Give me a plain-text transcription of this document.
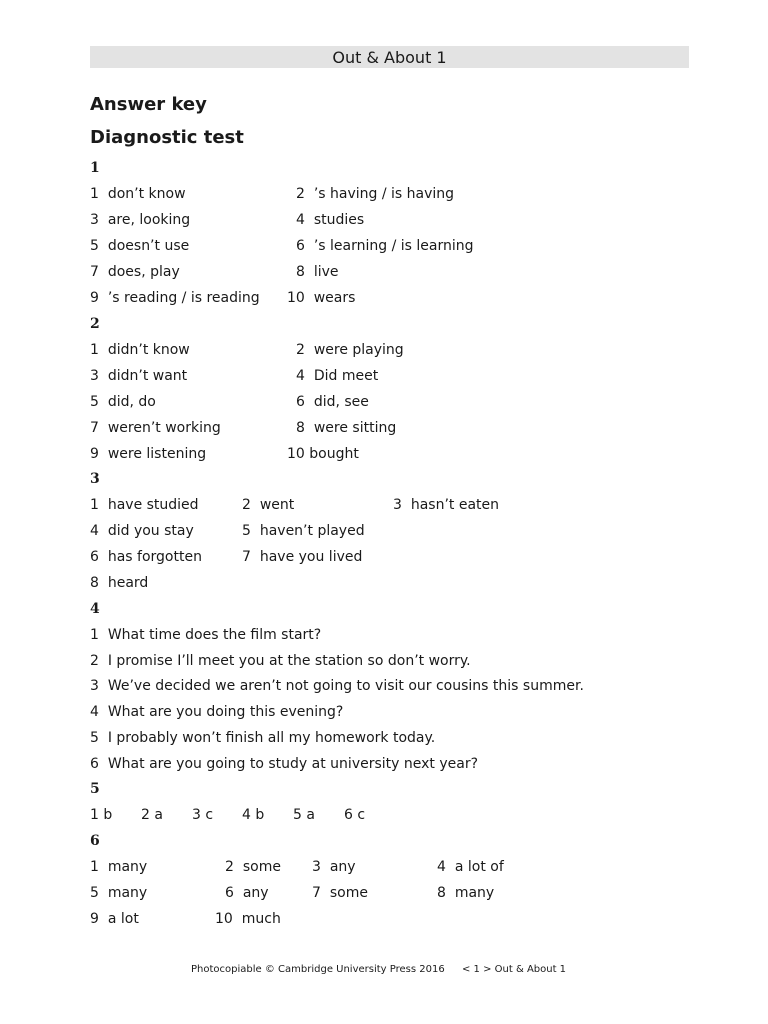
Out & About 1
Answer key
Diagnostic test
1
1 don’t know	2 ’s having / is having
3 are, looking	4 studies
5 doesn’t use	6 ’s learning / is learning
7 does, play	8 live
9 ’s reading / is reading 10 wears
2
1 didn’t know	2 were playing
3 didn’t want	4 Did meet
5 did, do	6 did, see
7 weren’t working	8 were sitting
9 were listening	10 bought
3
1 have studied	2 went	3 hasn’t eaten
4 did you stay	5 haven’t played
6 has forgotten	7 have you lived
8 heard
4
1 What time does the film start?
2 I promise I’ll meet you at the station so don’t worry.
3 We’ve decided we aren’t not going to visit our cousins this summer.
4 What are you doing this evening?
5 I probably won’t finish all my homework today.
6 What are you going to study at university next year?
5
1 b 2 a 3 c 4 b 5 a 6 c
6
1 many	2 some 3 any	4 a lot of
5 many	6 any	7 some	8 many
9 a lot	10 much
Photocopiable © Cambridge University Press 2016 < 1 > Out & About 1
